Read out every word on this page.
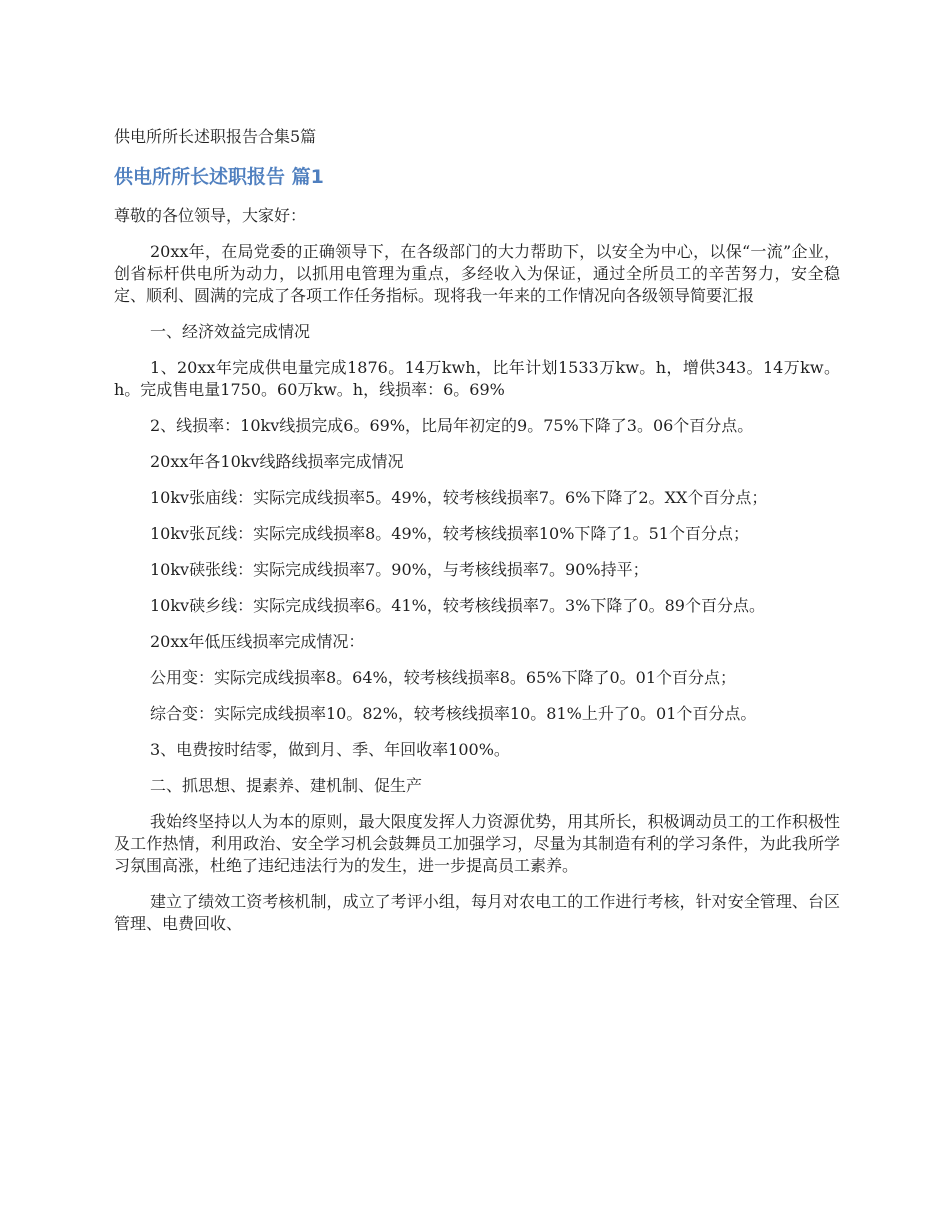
供电所所长述职报告合集5篇
供电所所长述职报告 篇1

尊敬的各位领导，大家好：

20xx年，在局党委的正确领导下，在各级部门的大力帮助下，以安全为中心，以保“一流”企业，创省标杆供电所为动力，以抓用电管理为重点，多经收入为保证，通过全所员工的辛苦努力，安全稳定、顺利、圆满的完成了各项工作任务指标。现将我一年来的工作情况向各级领导简要汇报

一、经济效益完成情况

1、20xx年完成供电量完成1876。14万kwh，比年计划1533万kw。h，增供343。14万kw。h。完成售电量1750。60万kw。h，线损率：6。69%

2、线损率：10kv线损完成6。69%，比局年初定的9。75%下降了3。06个百分点。

20xx年各10kv线路线损率完成情况

10kv张庙线：实际完成线损率5。49%，较考核线损率7。6%下降了2。XX个百分点；

10kv张瓦线：实际完成线损率8。49%，较考核线损率10%下降了1。51个百分点；

10kv硖张线：实际完成线损率7。90%，与考核线损率7。90%持平；

10kv硖乡线：实际完成线损率6。41%，较考核线损率7。3%下降了0。89个百分点。

20xx年低压线损率完成情况：

公用变：实际完成线损率8。64%，较考核线损率8。65%下降了0。01个百分点；

综合变：实际完成线损率10。82%，较考核线损率10。81%上升了0。01个百分点。

3、电费按时结零，做到月、季、年回收率100%。

二、抓思想、提素养、建机制、促生产

我始终坚持以人为本的原则，最大限度发挥人力资源优势，用其所长，积极调动员工的工作积极性及工作热情，利用政治、安全学习机会鼓舞员工加强学习，尽量为其制造有利的学习条件，为此我所学习氛围高涨，杜绝了违纪违法行为的发生，进一步提高员工素养。

建立了绩效工资考核机制，成立了考评小组，每月对农电工的工作进行考核，针对安全管理、台区管理、电费回收、
